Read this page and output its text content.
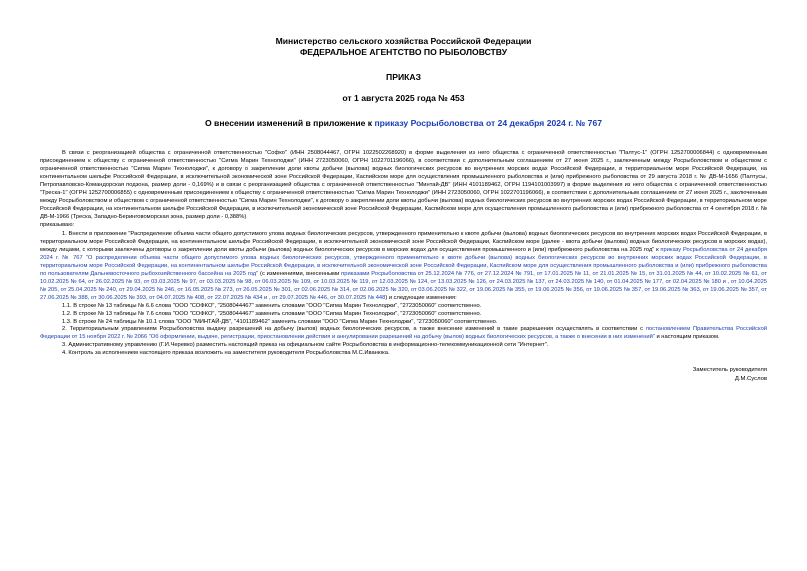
Министерство сельского хозяйства Российской Федерации
ФЕДЕРАЛЬНОЕ АГЕНТСТВО ПО РЫБОЛОВСТВУ
ПРИКАЗ
от 1 августа 2025 года № 453
О внесении изменений в приложение к приказу Росрыболовства от 24 декабря 2024 г. № 767

В связи с реорганизацией общества с ограниченной ответственностью "Софко" (ИНН 2508044467, ОГРН 1022502268920) в форме выделения из него общества с ограниченной ответственностью "Палтус-1" (ОГРН 1252700006844) с одновременным присоединением к обществу с ограниченной ответственностью "Сигма Марин Технолоджи" (ИНН 2723050060, ОГРН 1022701196066), в соответствии с дополнительным соглашением от 27 июня 2025 г., заключенным между Росрыболовством и обществом с ограниченной ответственностью "Сигма Марин Технолоджи", к договору о закреплении доли квоты добычи (вылова) водных биологических ресурсов во внутренних морских водах Российской Федерации, в территориальном море Российской Федерации, на континентальном шельфе Российской Федерации, в исключительной экономической зоне Российской Федерации, Каспийском море для осуществления промышленного рыболовства и (или) прибрежного рыболовства от 29 августа 2018 г. № ДВ-М-1656 (Палтусы, Петропавловско-Командорская подзона, размер доли - 0,169%) и в связи с реорганизацией общества с ограниченной ответственностью "Минтай-ДВ" (ИНН 4101189462, ОГРН 1194101003997) в форме выделения из него общества с ограниченной ответственностью "Треска-1" (ОГРН 1252700006855) с одновременным присоединением к обществу с ограниченной ответственностью "Сигма Марин Технолоджи" (ИНН 2723050060, ОГРН 1022701196066), в соответствии с дополнительным соглашением от 27 июня 2025 г., заключенным между Росрыболовством и обществом с ограниченной ответственностью "Сигма Марин Технолоджи", к договору о закреплении доли квоты добычи (вылова) водных биологических ресурсов во внутренних морских водах Российской Федерации, в территориальном море Российской Федерации, на континентальном шельфе Российской Федерации, в исключительной экономической зоне Российской Федерации, Каспийском море для осуществления промышленного рыболовства и (или) прибрежного рыболовства от 4 сентября 2018 г. № ДВ-М-1966 (Треска, Западно-Беринговоморская зона, размер доли - 0,388%)

приказываю:

1. Внести в приложение "Распределение объема части общего допустимого улова водных биологических ресурсов, утвержденного применительно к квоте добычи (вылова) водных биологических ресурсов во внутренних морских водах Российской Федерации, в территориальном море Российской Федерации, на континентальном шельфе Российской Федерации, в исключительной экономической зоне Российской Федерации, Каспийском море (далее - квота добычи (вылова) водных биологических ресурсов в морских водах), между лицами, с которыми заключены договоры о закреплении доли квоты добычи (вылова) водных биологических ресурсов в морских водах для осуществления промышленного и (или) прибрежного рыболовства на 2025 год" к приказу Росрыболовства от 24 декабря 2024 г. № 767 "О распределении объема части общего допустимого улова водных биологических ресурсов, утвержденного применительно к квоте добычи (вылова) водных биологических ресурсов во внутренних морских водах Российской Федерации, в территориальном море Российской Федерации, на континентальном шельфе Российской Федерации, в исключительной экономической зоне Российской Федерации, Каспийском море для осуществления промышленного рыболовства и (или) прибрежного рыболовства по пользователям Дальневосточного рыбохозяйственного бассейна на 2025 год" (с изменениями, внесенными приказами Росрыболовства от 25.12.2024 № 776, от 27.12.2024 № 791, от 17.01.2025 № 11, от 21.01.2025 № 15, от 31.01.2025 № 44, от 10.02.2025 № 61, от 10.02.2025 № 64, от 26.02.2025 № 93, от 03.03.2025 № 97, от 03.03.2025 № 98, от 06.03.2025 № 109, от 10.03.2025 № 119, от 12.03.2025 № 124, от 13.03.2025 № 126, от 24.03.2025 № 137, от 24.03.2025 № 140, от 01.04.2025 № 177, от 02.04.2025 № 180 и , от 10.04.2025 № 205, от 25.04.2025 № 240, от 29.04.2025 № 246, от 16.05.2025 № 273, от 26.05.2025 № 301, от 02.06.2025 № 314, от 02.06.2025 № 320, от 03.06.2025 № 322, от 19.06.2025 № 355, от 19.06.2025 № 356, от 19.06.2025 № 357, от 19.06.2025 № 363, от 19.06.2025 № 357, от 27.06.2025 № 388, от 30.06.2025 № 393, от 04.07.2025 № 408, от 22.07.2025 № 434 и , от 29.07.2025 № 446, от 30.07.2025 № 448) и следующие изменения:

1.1. В строке № 13 таблицы № 6.6 слова "ООО "СОФКО", "2508044467" заменить словами "ООО "Сигма Марин Технолоджи", "2723050060" соответственно.

1.2. В строке № 13 таблицы № 7.6 слова "ООО "СОФКО", "2508044467" заменить словами "ООО "Сигма Марин Технолоджи", "2723050060" соответственно.

1.3. В строке № 24 таблицы № 10.1 слова "ООО "МИНТАЙ-ДВ", "4101189462" заменить словами "ООО "Сигма Марин Технолоджи", "2723050060" соответственно.

2. Территориальным управлениям Росрыболовства выдачу разрешений на добычу (вылов) водных биологических ресурсов, а также внесение изменений в такие разрешения осуществлять в соответствии с постановлением Правительства Российской Федерации от 15 ноября 2022 г. № 2066 "Об оформлении, выдаче, регистрации, приостановлении действия и аннулировании разрешений на добычу (вылов) водных биологических ресурсов, а также о внесении в них изменений" и настоящим приказом.

3. Административному управлению (Г.И.Черевко) разместить настоящий приказ на официальном сайте Росрыболовства в информационно-телекоммуникационной сети "Интернет".

4. Контроль за исполнением настоящего приказа возложить на заместителя руководителя Росрыболовства М.С.Иванюка.

Заместитель руководителя
Д.М.Суслов
